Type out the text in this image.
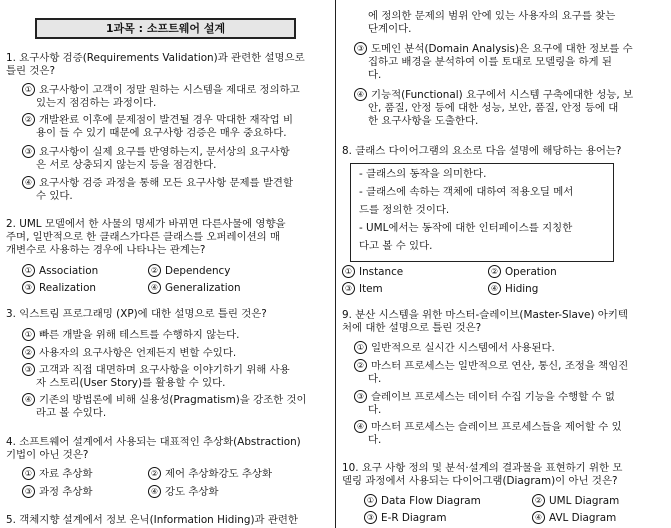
1과목 : 소프트웨어 설계
1. 요구사항 검증(Requirements Validation)과 관련한 설명으로
틀린 것은?
① 요구사항이 고객이 정말 원하는 시스템을 제대로 정의하고
있는지 점검하는 과정이다.
② 개발완료 이후에 문제점이 발견될 경우 막대한 재작업 비
용이 들 수 있기 때문에 요구사항 검증은 매우 중요하다.
③ 요구사항이 실제 요구를 반영하는지, 문서상의 요구사항
은 서로 상충되지 않는지 등을 점검한다.
④ 요구사항 검증 과정을 통해 모든 요구사항 문제를 발견할
수 있다.
2. UML 모델에서 한 사물의 명세가 바뀌면 다른사물에 영향을
주며, 일반적으로 한 클래스가다른 클래스를 오퍼레이션의 매
개변수로 사용하는 경우에 나타나는 관계는?
① Association	② Dependency
③ Realization	④ Generalization
3. 익스트림 프로그래밍 (XP)에 대한 설명으로 틀린 것은?
① 빠른 개발을 위해 테스트를 수행하지 않는다.
② 사용자의 요구사항은 언제든지 변할 수있다.
③ 고객과 직접 대면하며 요구사항을 이야기하기 위해 사용
자 스토리(User Story)를 활용할 수 있다.
④ 기존의 방법론에 비해 실용성(Pragmatism)을 강조한 것이
라고 볼 수있다.
4. 소프트웨어 설계에서 사용되는 대표적인 추상화(Abstraction)
기법이 아닌 것은?
① 자료 추상화	② 제어 추상화강도 추상화
③ 과정 추상화	④ 강도 추상화
5. 객체지향 설계에서 정보 은닉(Information Hiding)과 관련한
에 정의한 문제의 범위 안에 있는 사용자의 요구를 찾는
단계이다.
③ 도메인 분석(Domain Analysis)은 요구에 대한 정보를 수
집하고 배경을 분석하여 이를 토대로 모델링을 하게 된
다.
④ 기능적(Functional) 요구에서 시스템 구축에대한 성능, 보
안, 품질, 안정 등에 대한 성능, 보안, 품질, 안정 등에 대
한 요구사항을 도출한다.
8. 클래스 다이어그램의 요소로 다음 설명에 해당하는 용어는?
- 클래스의 동작을 의미한다.
- 클래스에 속하는 객체에 대하여 적용오딜 메서
드를 정의한 것이다.
- UML에서는 동작에 대한 인터페이스를 지칭한
다고 볼 수 있다.
① Instance	② Operation
③ Item	④ Hiding
9. 분산 시스템을 위한 마스터-슬레이브(Master-Slave) 아키텍
처에 대한 설명으로 틀린 것은?
① 일반적으로 실시간 시스템에서 사용된다.
② 마스터 프로세스는 일반적으로 연산, 통신, 조정을 책임진
다.
③ 슬레이브 프로세스는 데이터 수집 기능을 수행할 수 없
다.
④ 마스터 프로세스는 슬레이브 프로세스들을 제어할 수 있
다.
10. 요구 사항 정의 및 분석·설계의 결과물을 표현하기 위한 모
델링 과정에서 사용되는 다이어그램(Diagram)이 아닌 것은?
① Data Flow Diagram	② UML Diagram
③ E-R Diagram	④ AVL Diagram
